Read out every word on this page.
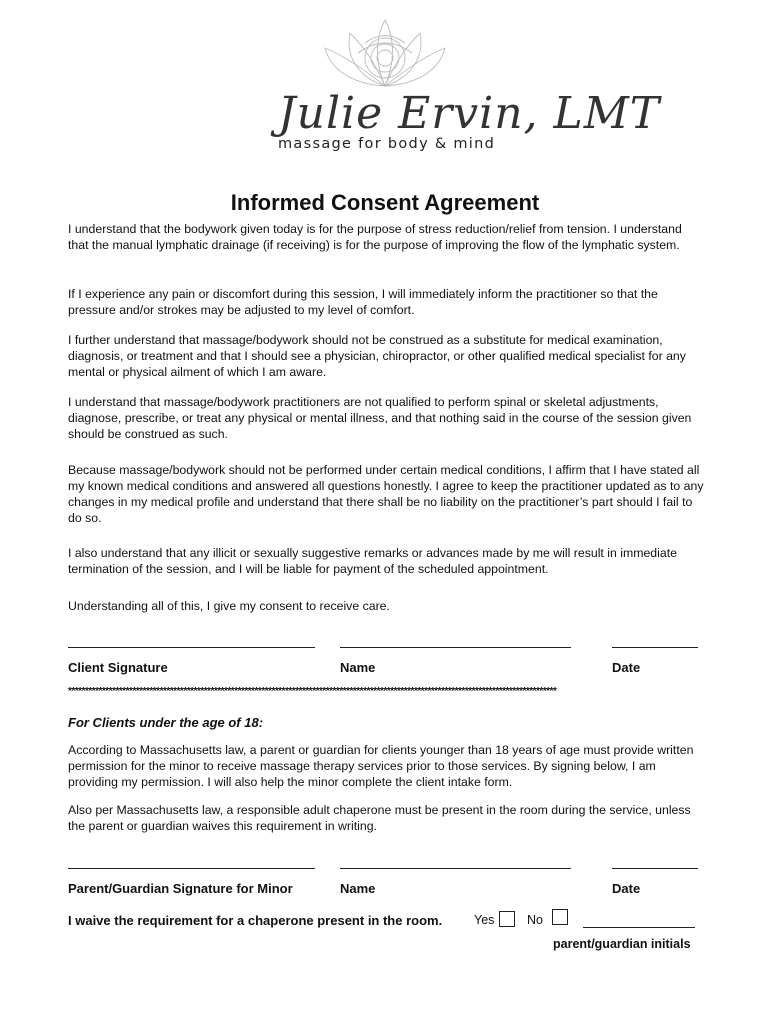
Julie Ervin, LMT
massage for body & mind
Informed Consent Agreement

I understand that the bodywork given today is for the purpose of stress reduction/relief from tension. I understand that the manual lymphatic drainage (if receiving) is for the purpose of improving the flow of the lymphatic system.

If I experience any pain or discomfort during this session, I will immediately inform the practitioner so that the pressure and/or strokes may be adjusted to my level of comfort.

I further understand that massage/bodywork should not be construed as a substitute for medical examination, diagnosis, or treatment and that I should see a physician, chiropractor, or other qualified medical specialist for any mental or physical ailment of which I am aware.

I understand that massage/bodywork practitioners are not qualified to perform spinal or skeletal adjustments, diagnose, prescribe, or treat any physical or mental illness, and that nothing said in the course of the session given should be construed as such.

Because massage/bodywork should not be performed under certain medical conditions, I affirm that I have stated all my known medical conditions and answered all questions honestly. I agree to keep the practitioner updated as to any changes in my medical profile and understand that there shall be no liability on the practitioner’s part should I fail to do so.

I also understand that any illicit or sexually suggestive remarks or advances made by me will result in immediate termination of the session, and I will be liable for payment of the scheduled appointment.

Understanding all of this, I give my consent to receive care.

Client Signature	Name	Date
************************************************************************************************************************************************
For Clients under the age of 18:

According to Massachusetts law, a parent or guardian for clients younger than 18 years of age must provide written permission for the minor to receive massage therapy services prior to those services. By signing below, I am providing my permission. I will also help the minor complete the client intake form.

Also per Massachusetts law, a responsible adult chaperone must be present in the room during the service, unless the parent or guardian waives this requirement in writing.

Parent/Guardian Signature for Minor	Name	Date
I waive the requirement for a chaperone present in the room.	Yes	No
parent/guardian initials
